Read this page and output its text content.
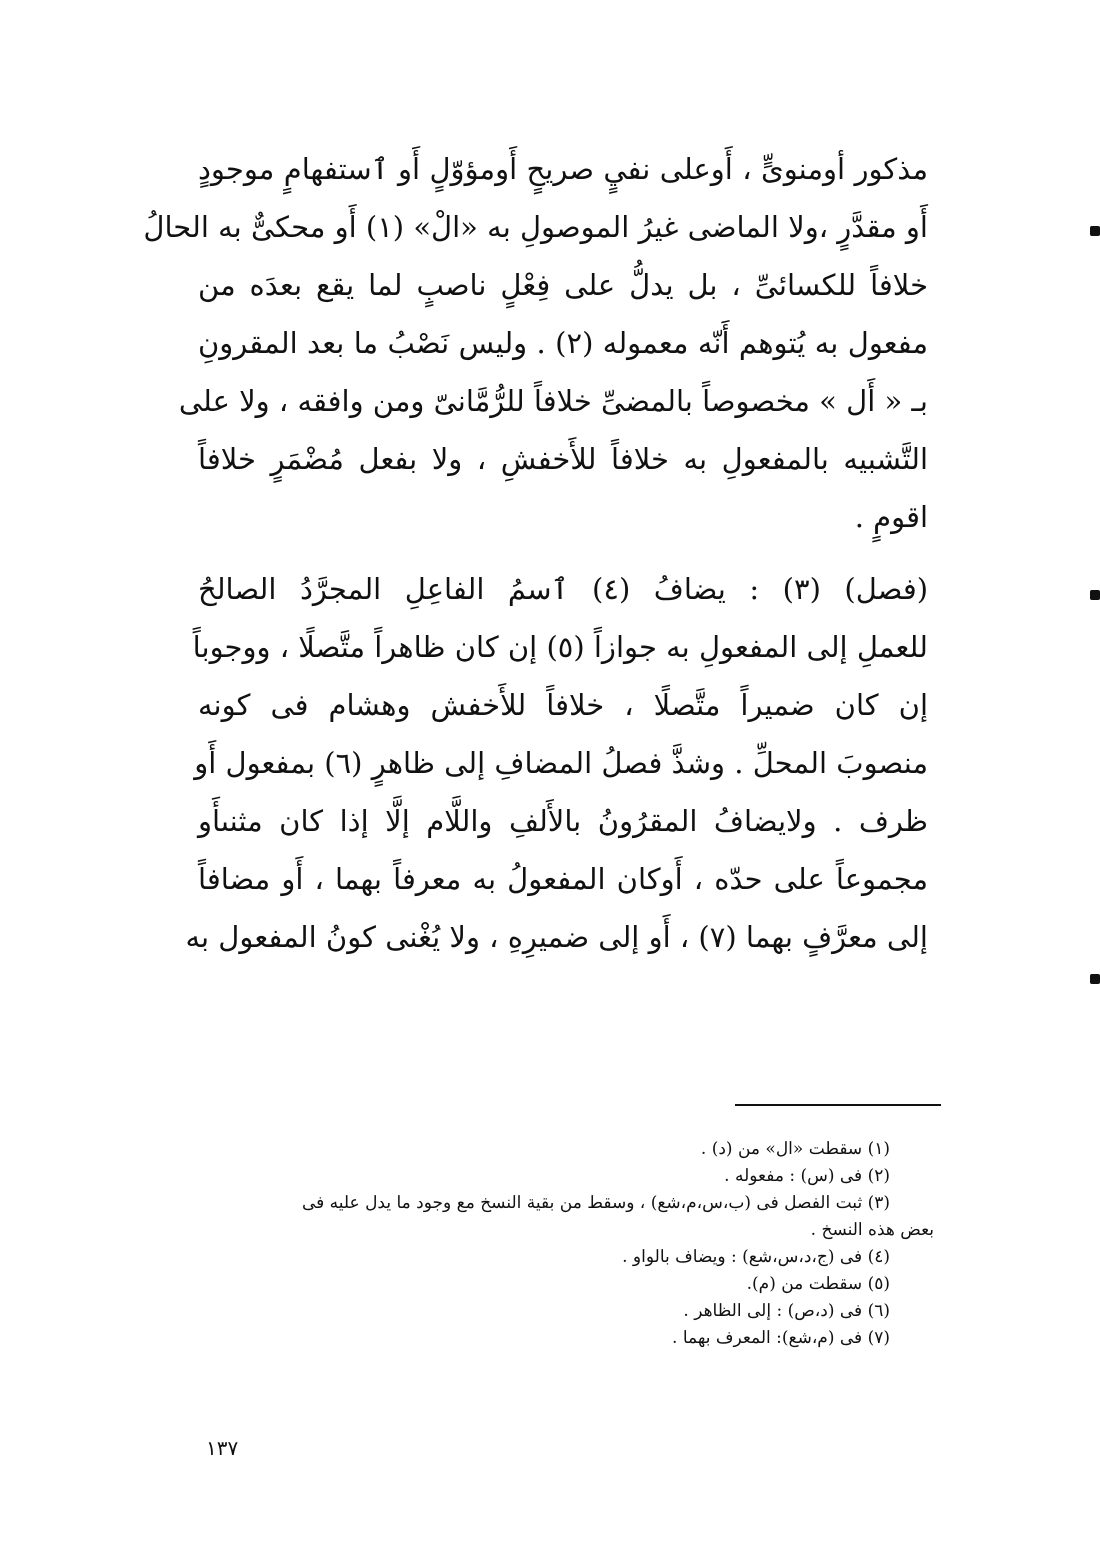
مذكور أومنوىٍّ ، أَوعلى نفيٍ صريحٍ أَومؤوّلٍ أَو ٱستفهامٍ موجودٍ
أَو مقدَّرٍ ،ولا الماضى غيرُ الموصولِ به «الْ» (١) أَو محكىٌّ به الحالُ
خلافاً للكسائىِّ ، بل يدلُّ على فِعْلٍ ناصبٍ لما يقع بعدَه من
مفعول به يُتوهم أَنّه معموله (٢) . وليس نَصْبُ ما بعد المقرونِ
بـ « أَل » مخصوصاً بالمضىِّ خلافاً للرُّمَّانىّ ومن وافقه ، ولا على
التَّشبيه بالمفعولِ به خلافاً للأَخفشِ ، ولا بفعل مُضْمَرٍ خلافاً
اقومٍ .
(فصل) (٣) : يضافُ (٤) ٱسمُ الفاعِلِ المجرَّدُ الصالحُ
للعملِ إلى المفعولِ به جوازاً (٥) إن كان ظاهراً متَّصلًا ، ووجوباً
إن كان ضميراً متَّصلًا ، خلافاً للأَخفش وهشام فى كونه
منصوبَ المحلِّ . وشذَّ فصلُ المضافِ إلى ظاهرٍ (٦) بمفعول أَو
ظرف . ولايضافُ المقرُونُ بالأَلفِ واللَّام إلَّا إذا كان مثنىأَو
مجموعاً على حدّه ، أَوكان المفعولُ به معرفاً بهما ، أَو مضافاً
إلى معرَّفٍ بهما (٧) ، أَو إلى ضميرِهِ ، ولا يُغْنى كونُ المفعول به
(١) سقطت «ال» من (د) .
(٢) فى (س) : مفعوله .
(٣) ثبت الفصل فى (ب،س،م،شع) ، وسقط من بقية النسخ مع وجود ما يدل عليه فى
بعض هذه النسخ .
(٤) فى (ج،د،س،شع) : ويضاف بالواو .
(٥) سقطت من (م).
(٦) فى (د،ص) : إلى الظاهر .
(٧) فى (م،شع): المعرف بهما .
١٣٧
